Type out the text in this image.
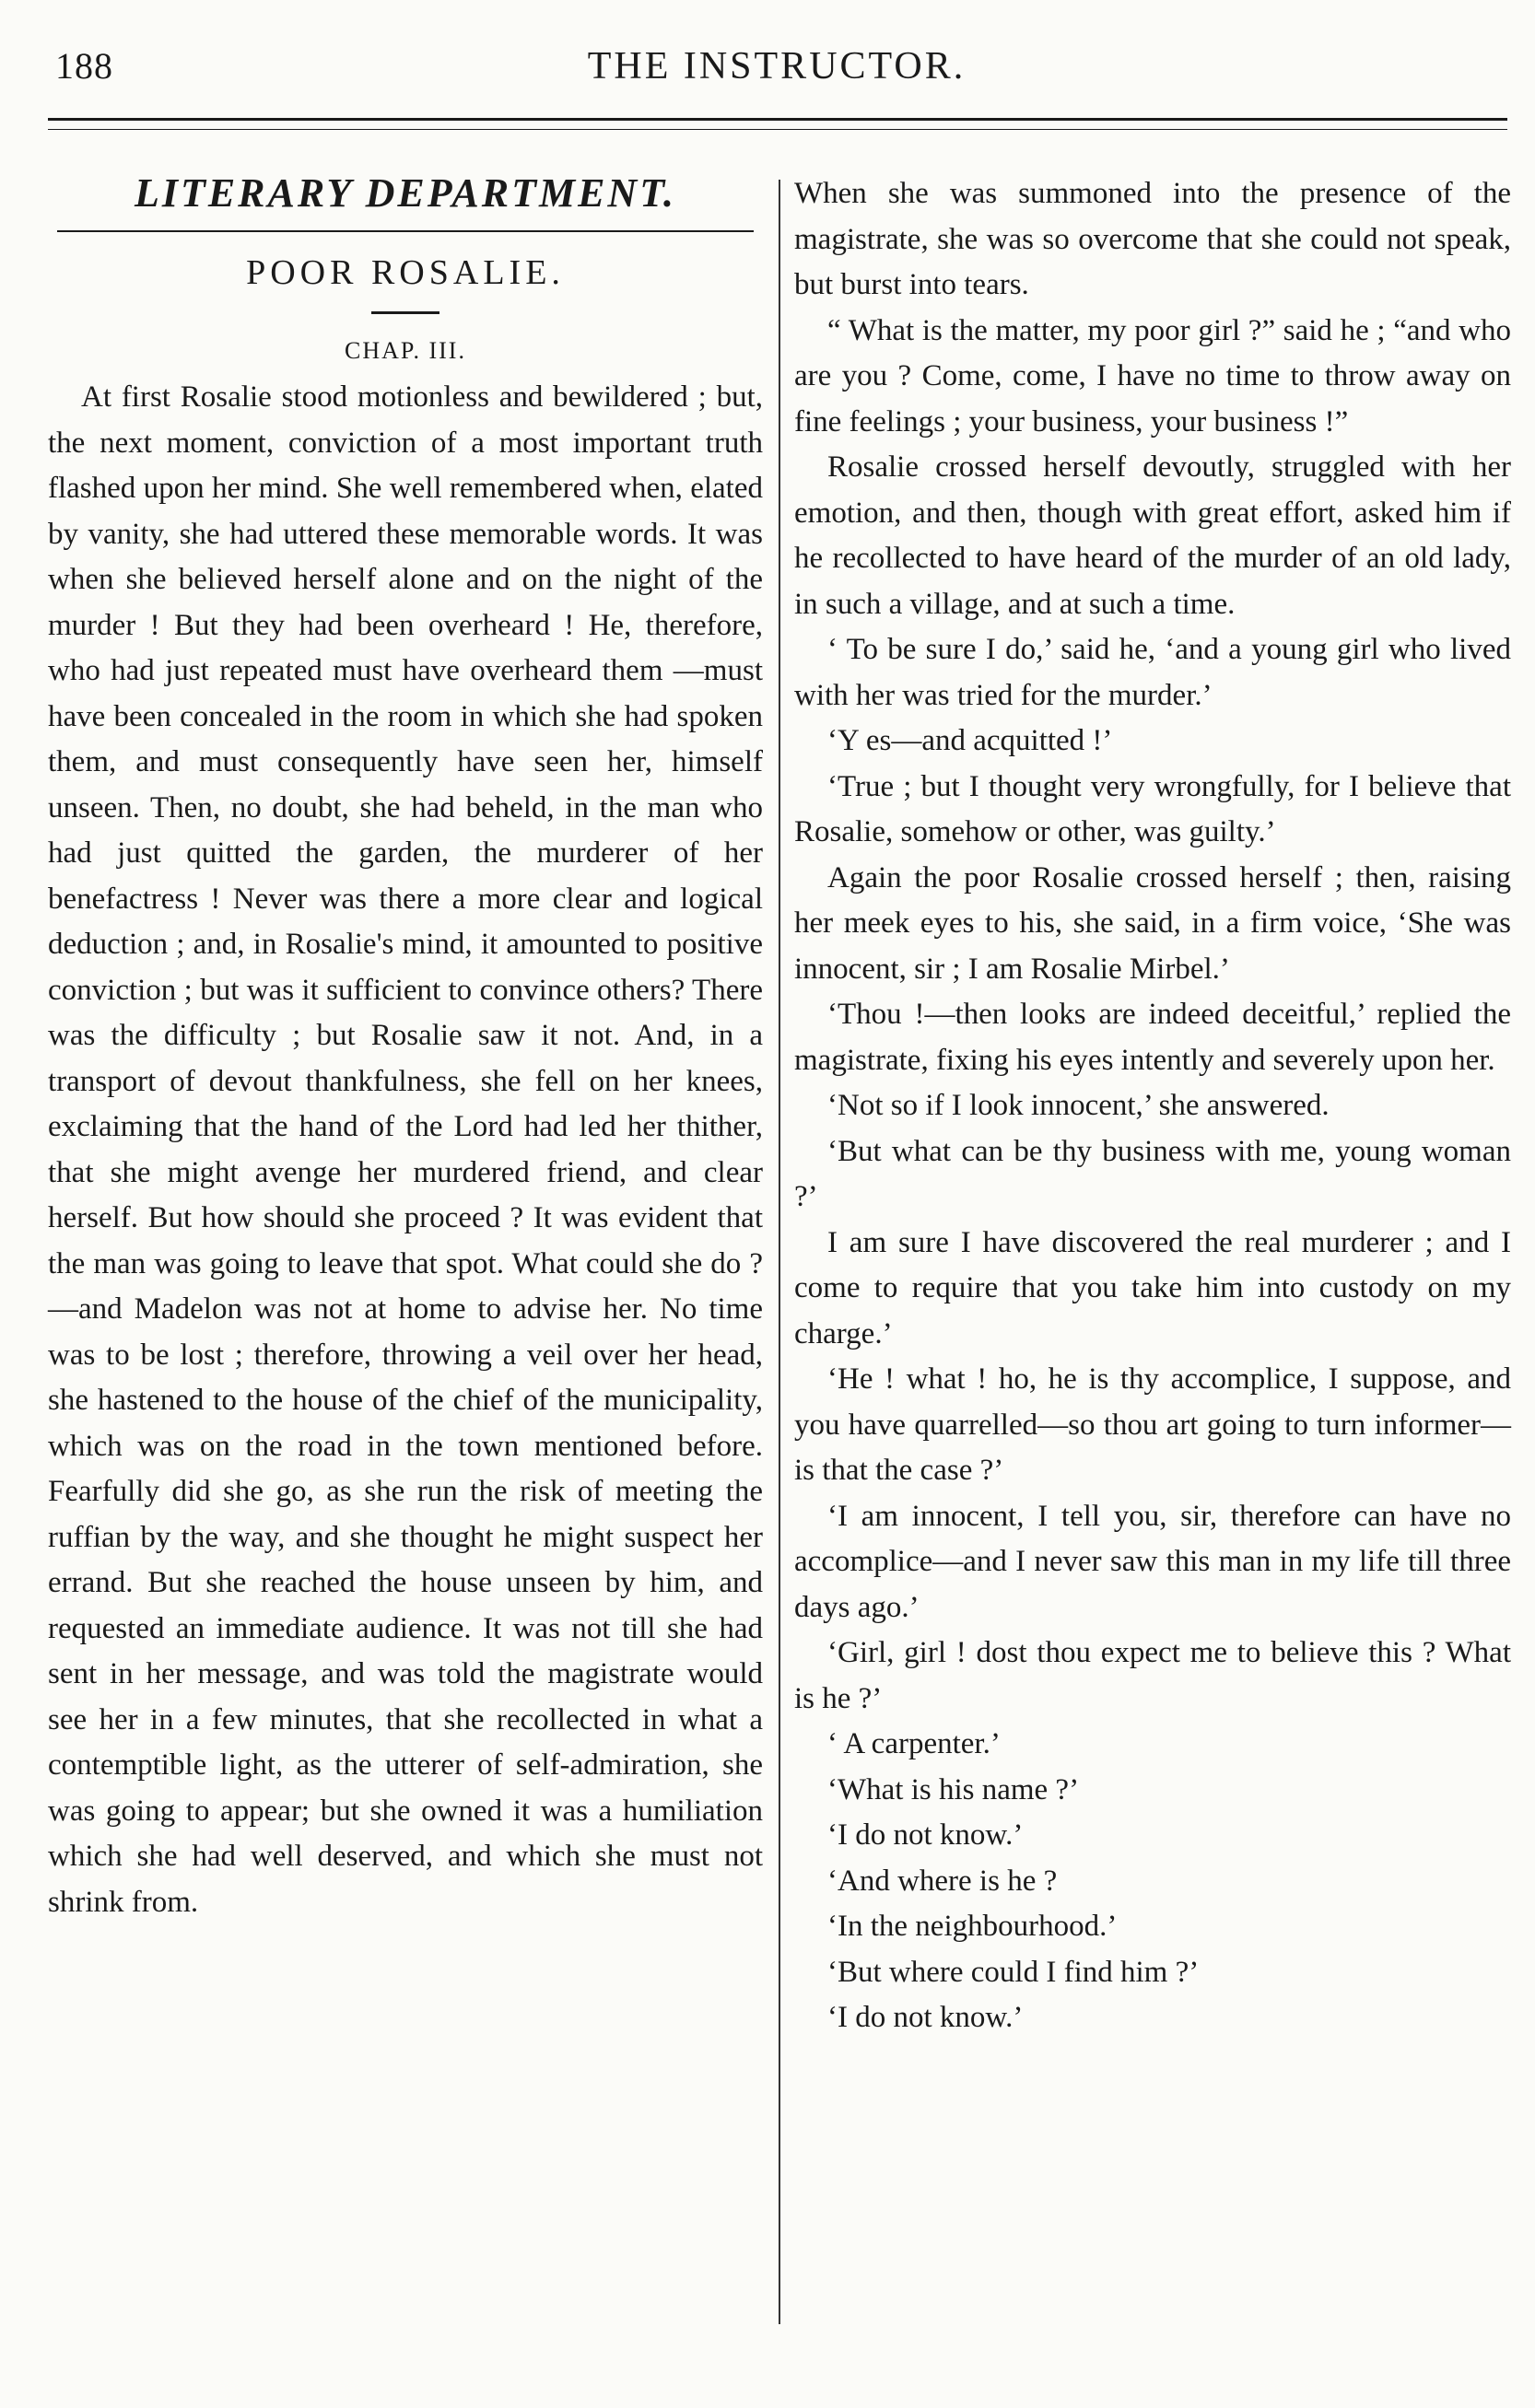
188	THE INSTRUCTOR.
LITERARY DEPARTMENT.
POOR ROSALIE.
CHAP. III.

At first Rosalie stood motionless and bewildered ; but, the next moment, conviction of a most important truth flashed upon her mind. She well remembered when, elated by vanity, she had uttered these memorable words. It was when she believed herself alone and on the night of the murder ! But they had been overheard ! He, therefore, who had just repeated must have overheard them —must have been concealed in the room in which she had spoken them, and must consequently have seen her, himself unseen. Then, no doubt, she had beheld, in the man who had just quitted the garden, the murderer of her benefactress ! Never was there a more clear and logical deduction ; and, in Rosalie's mind, it amounted to positive conviction ; but was it sufficient to convince others? There was the difficulty ; but Rosalie saw it not. And, in a transport of devout thankfulness, she fell on her knees, exclaiming that the hand of the Lord had led her thither, that she might avenge her murdered friend, and clear herself. But how should she proceed ? It was evident that the man was going to leave that spot. What could she do ?—and Madelon was not at home to advise her. No time was to be lost ; therefore, throwing a veil over her head, she hastened to the house of the chief of the municipality, which was on the road in the town mentioned before. Fearfully did she go, as she run the risk of meeting the ruffian by the way, and she thought he might suspect her errand. But she reached the house unseen by him, and requested an immediate audience. It was not till she had sent in her message, and was told the magistrate would see her in a few minutes, that she recollected in what a contemptible light, as the utterer of self-admiration, she was going to appear; but she owned it was a humiliation which she had well deserved, and which she must not shrink from.

When she was summoned into the presence of the magistrate, she was so overcome that she could not speak, but burst into tears.

“ What is the matter, my poor girl ?” said he ; “and who are you ? Come, come, I have no time to throw away on fine feelings ; your business, your business !”

Rosalie crossed herself devoutly, struggled with her emotion, and then, though with great effort, asked him if he recollected to have heard of the murder of an old lady, in such a village, and at such a time.

‘ To be sure I do,’ said he, ‘and a young girl who lived with her was tried for the murder.’

‘Y es—and acquitted !’

‘True ; but I thought very wrongfully, for I believe that Rosalie, somehow or other, was guilty.’

Again the poor Rosalie crossed herself ; then, raising her meek eyes to his, she said, in a firm voice, ‘She was innocent, sir ; I am Rosalie Mirbel.’

‘Thou !—then looks are indeed deceitful,’ replied the magistrate, fixing his eyes intently and severely upon her.

‘Not so if I look innocent,’ she answered.

‘But what can be thy business with me, young woman ?’

I am sure I have discovered the real murderer ; and I come to require that you take him into custody on my charge.’

‘He ! what ! ho, he is thy accomplice, I suppose, and you have quarrelled—so thou art going to turn informer—is that the case ?’

‘I am innocent, I tell you, sir, therefore can have no accomplice—and I never saw this man in my life till three days ago.’

‘Girl, girl ! dost thou expect me to believe this ? What is he ?’

‘ A carpenter.’

‘What is his name ?’

‘I do not know.’

‘And where is he ?

‘In the neighbourhood.’

‘But where could I find him ?’

‘I do not know.’
